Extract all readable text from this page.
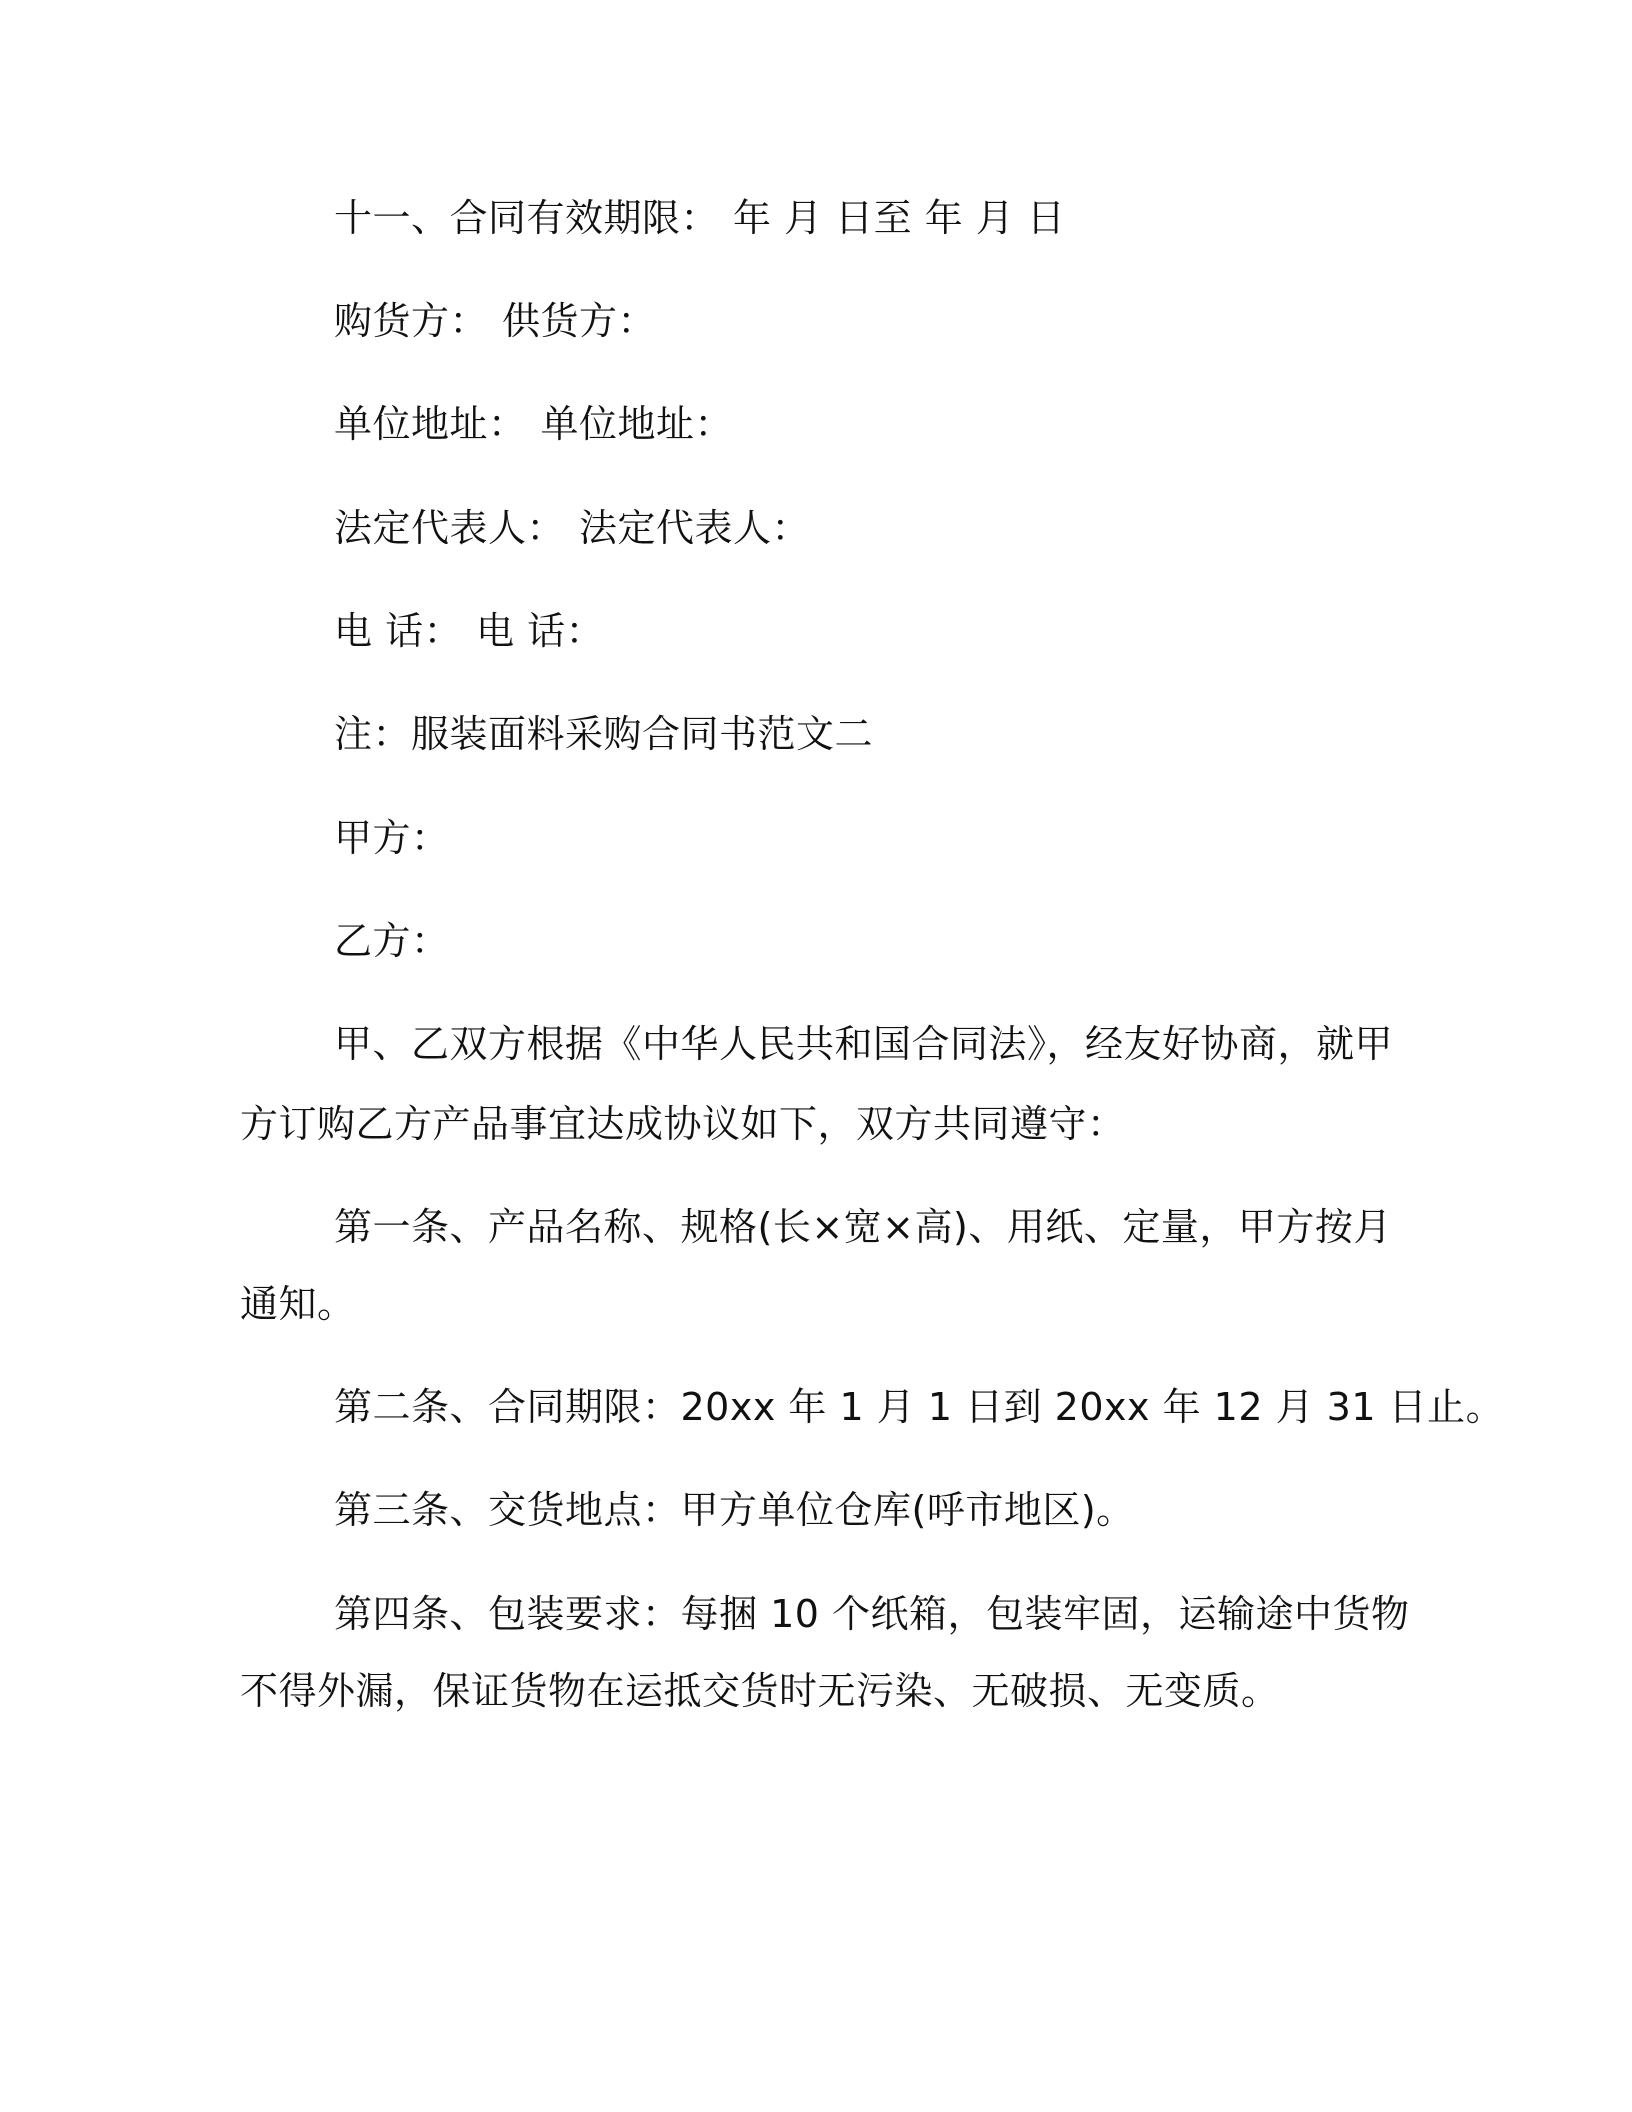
十一、合同有效期限： 年 月 日至 年 月 日
购货方： 供货方：
单位地址： 单位地址：
法定代表人： 法定代表人：
电 话： 电 话：
注：服装面料采购合同书范文二
甲方：
乙方：
甲、乙双方根据《中华人民共和国合同法》，经友好协商，就甲
方订购乙方产品事宜达成协议如下，双方共同遵守：
第一条、产品名称、规格(长×宽×高)、用纸、定量，甲方按月
通知。
第二条、合同期限：20xx 年 1 月 1 日到 20xx 年 12 月 31 日止。
第三条、交货地点：甲方单位仓库(呼市地区)。
第四条、包装要求：每捆 10 个纸箱，包装牢固，运输途中货物
不得外漏，保证货物在运抵交货时无污染、无破损、无变质。
